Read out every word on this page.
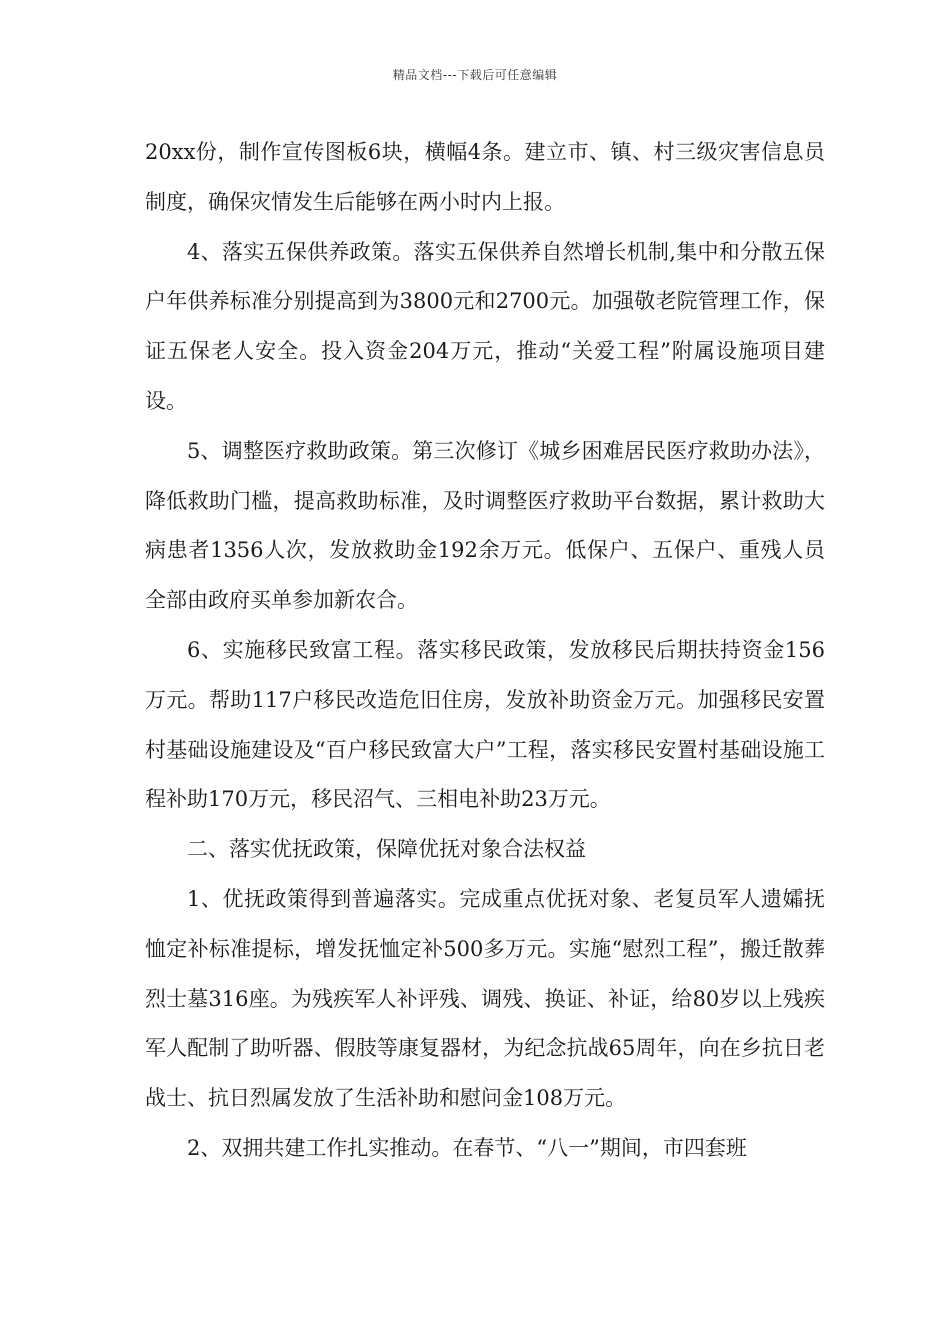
精品文档---下载后可任意编辑

20xx份，制作宣传图板6块，横幅4条。建立市、镇、村三级灾害信息员制度，确保灾情发生后能够在两小时内上报。

4、落实五保供养政策。落实五保供养自然增长机制,集中和分散五保户年供养标准分别提高到为3800元和2700元。加强敬老院管理工作，保证五保老人安全。投入资金204万元，推动“关爱工程”附属设施项目建设。

5、调整医疗救助政策。第三次修订《城乡困难居民医疗救助办法》，降低救助门槛，提高救助标准，及时调整医疗救助平台数据，累计救助大病患者1356人次，发放救助金192余万元。低保户、五保户、重残人员全部由政府买单参加新农合。

6、实施移民致富工程。落实移民政策，发放移民后期扶持资金156万元。帮助117户移民改造危旧住房，发放补助资金万元。加强移民安置村基础设施建设及“百户移民致富大户”工程，落实移民安置村基础设施工程补助170万元，移民沼气、三相电补助23万元。

二、落实优抚政策，保障优抚对象合法权益

1、优抚政策得到普遍落实。完成重点优抚对象、老复员军人遗孀抚恤定补标准提标，增发抚恤定补500多万元。实施“慰烈工程”，搬迁散葬烈士墓316座。为残疾军人补评残、调残、换证、补证，给80岁以上残疾军人配制了助听器、假肢等康复器材，为纪念抗战65周年，向在乡抗日老战士、抗日烈属发放了生活补助和慰问金108万元。

2、双拥共建工作扎实推动。在春节、“八一”期间，市四套班
